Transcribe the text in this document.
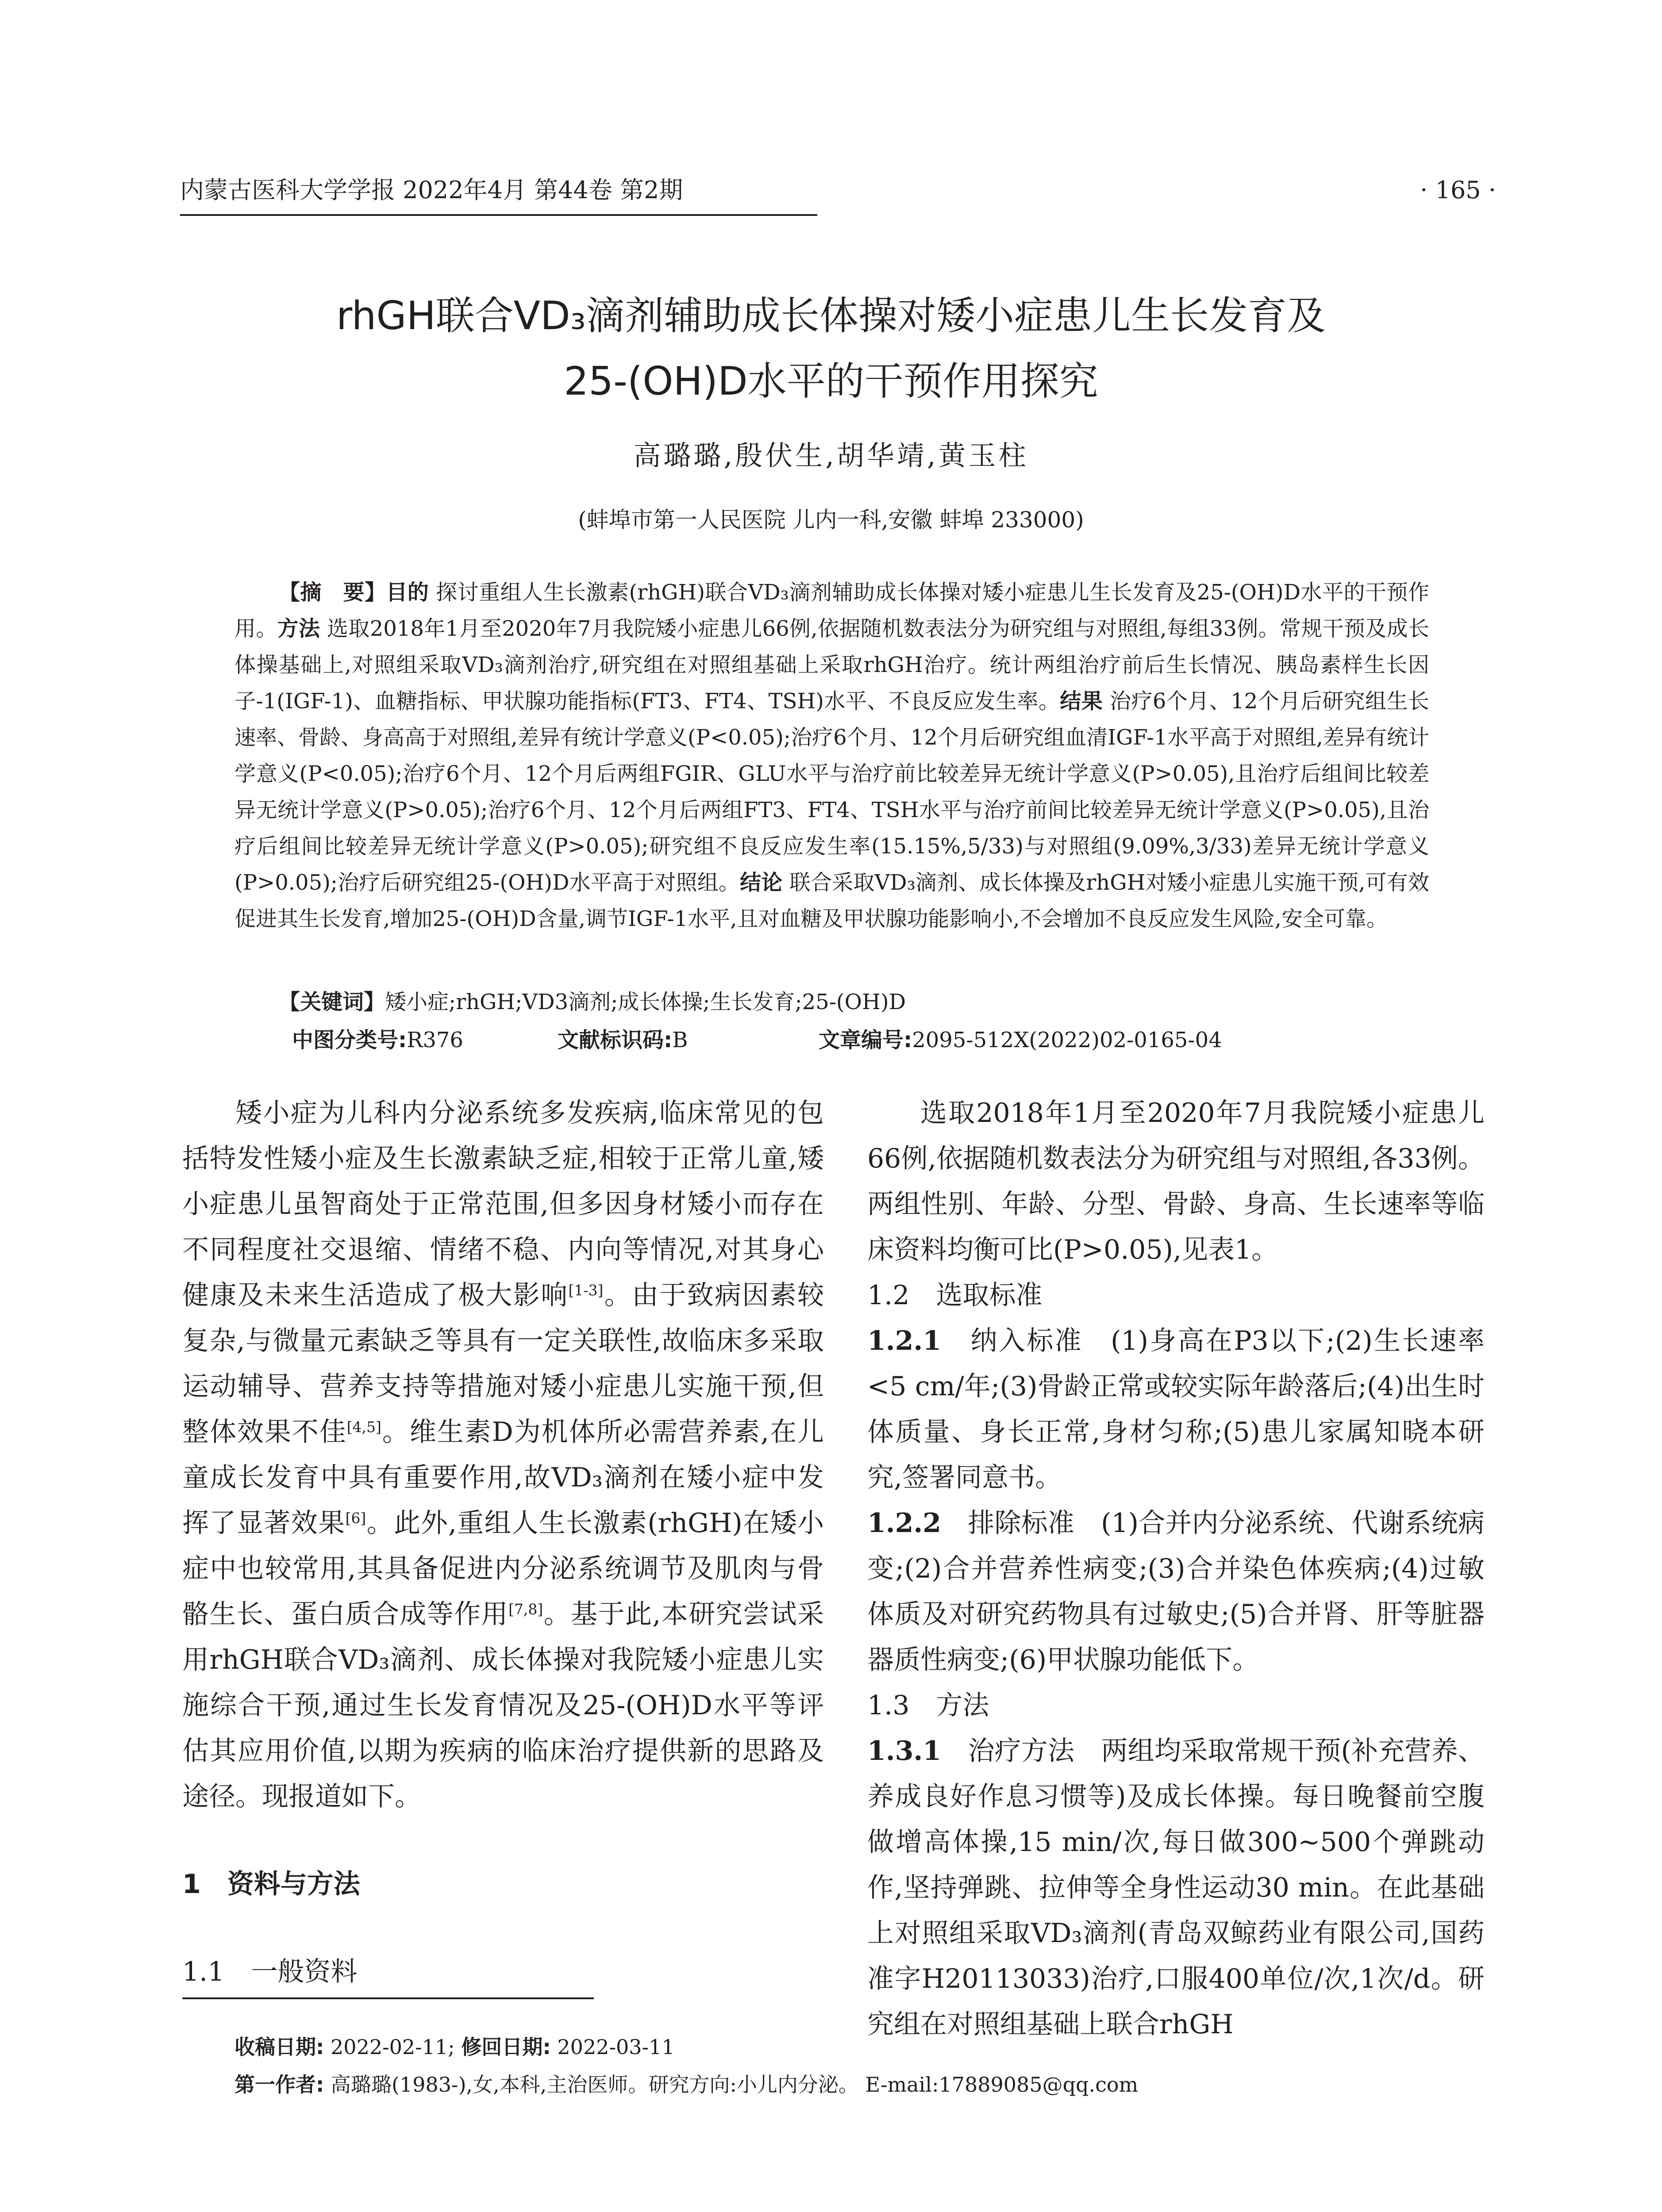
内蒙古医科大学学报 2022年4月 第44卷 第2期	· 165 ·
rhGH联合VD₃滴剂辅助成长体操对矮小症患儿生长发育及
25-(OH)D水平的干预作用探究
高璐璐,殷伏生,胡华靖,黄玉柱
(蚌埠市第一人民医院 儿内一科,安徽 蚌埠 233000)

【摘　要】目的 探讨重组人生长激素(rhGH)联合VD₃滴剂辅助成长体操对矮小症患儿生长发育及25-(OH)D水平的干预作用。方法 选取2018年1月至2020年7月我院矮小症患儿66例,依据随机数表法分为研究组与对照组,每组33例。常规干预及成长体操基础上,对照组采取VD₃滴剂治疗,研究组在对照组基础上采取rhGH治疗。统计两组治疗前后生长情况、胰岛素样生长因子-1(IGF-1)、血糖指标、甲状腺功能指标(FT3、FT4、TSH)水平、不良反应发生率。结果 治疗6个月、12个月后研究组生长速率、骨龄、身高高于对照组,差异有统计学意义(P<0.05);治疗6个月、12个月后研究组血清IGF-1水平高于对照组,差异有统计学意义(P<0.05);治疗6个月、12个月后两组FGIR、GLU水平与治疗前比较差异无统计学意义(P>0.05),且治疗后组间比较差异无统计学意义(P>0.05);治疗6个月、12个月后两组FT3、FT4、TSH水平与治疗前间比较差异无统计学意义(P>0.05),且治疗后组间比较差异无统计学意义(P>0.05);研究组不良反应发生率(15.15%,5/33)与对照组(9.09%,3/33)差异无统计学意义(P>0.05);治疗后研究组25-(OH)D水平高于对照组。结论 联合采取VD₃滴剂、成长体操及rhGH对矮小症患儿实施干预,可有效促进其生长发育,增加25-(OH)D含量,调节IGF-1水平,且对血糖及甲状腺功能影响小,不会增加不良反应发生风险,安全可靠。

【关键词】矮小症;rhGH;VD3滴剂;成长体操;生长发育;25-(OH)D
中图分类号:R376	文献标识码:B	文章编号:2095-512X(2022)02-0165-04

矮小症为儿科内分泌系统多发疾病,临床常见的包括特发性矮小症及生长激素缺乏症,相较于正常儿童,矮小症患儿虽智商处于正常范围,但多因身材矮小而存在不同程度社交退缩、情绪不稳、内向等情况,对其身心健康及未来生活造成了极大影响[1-3]。由于致病因素较复杂,与微量元素缺乏等具有一定关联性,故临床多采取运动辅导、营养支持等措施对矮小症患儿实施干预,但整体效果不佳[4,5]。维生素D为机体所必需营养素,在儿童成长发育中具有重要作用,故VD₃滴剂在矮小症中发挥了显著效果[6]。此外,重组人生长激素(rhGH)在矮小症中也较常用,其具备促进内分泌系统调节及肌肉与骨骼生长、蛋白质合成等作用[7,8]。基于此,本研究尝试采用rhGH联合VD₃滴剂、成长体操对我院矮小症患儿实施综合干预,通过生长发育情况及25-(OH)D水平等评估其应用价值,以期为疾病的临床治疗提供新的思路及途径。现报道如下。

1　资料与方法

1.1　一般资料

选取2018年1月至2020年7月我院矮小症患儿66例,依据随机数表法分为研究组与对照组,各33例。两组性别、年龄、分型、骨龄、身高、生长速率等临床资料均衡可比(P>0.05),见表1。

1.2　选取标准

1.2.1　 纳入标准　(1)身高在P3以下;(2)生长速率<5 cm/年;(3)骨龄正常或较实际年龄落后;(4)出生时体质量、身长正常,身材匀称;(5)患儿家属知晓本研究,签署同意书。

1.2.2　 排除标准　(1)合并内分泌系统、代谢系统病变;(2)合并营养性病变;(3)合并染色体疾病;(4)过敏体质及对研究药物具有过敏史;(5)合并肾、肝等脏器器质性病变;(6)甲状腺功能低下。

1.3　方法

1.3.1　 治疗方法　两组均采取常规干预(补充营养、养成良好作息习惯等)及成长体操。每日晚餐前空腹做增高体操,15 min/次,每日做300~500个弹跳动作,坚持弹跳、拉伸等全身性运动30 min。在此基础上对照组采取VD₃滴剂(青岛双鲸药业有限公司,国药准字H20113033)治疗,口服400单位/次,1次/d。研究组在对照组基础上联合rhGH

收稿日期: 2022-02-11; 修回日期: 2022-03-11
第一作者: 高璐璐(1983-),女,本科,主治医师。研究方向:小儿内分泌。 E-mail:17889085@qq.com
